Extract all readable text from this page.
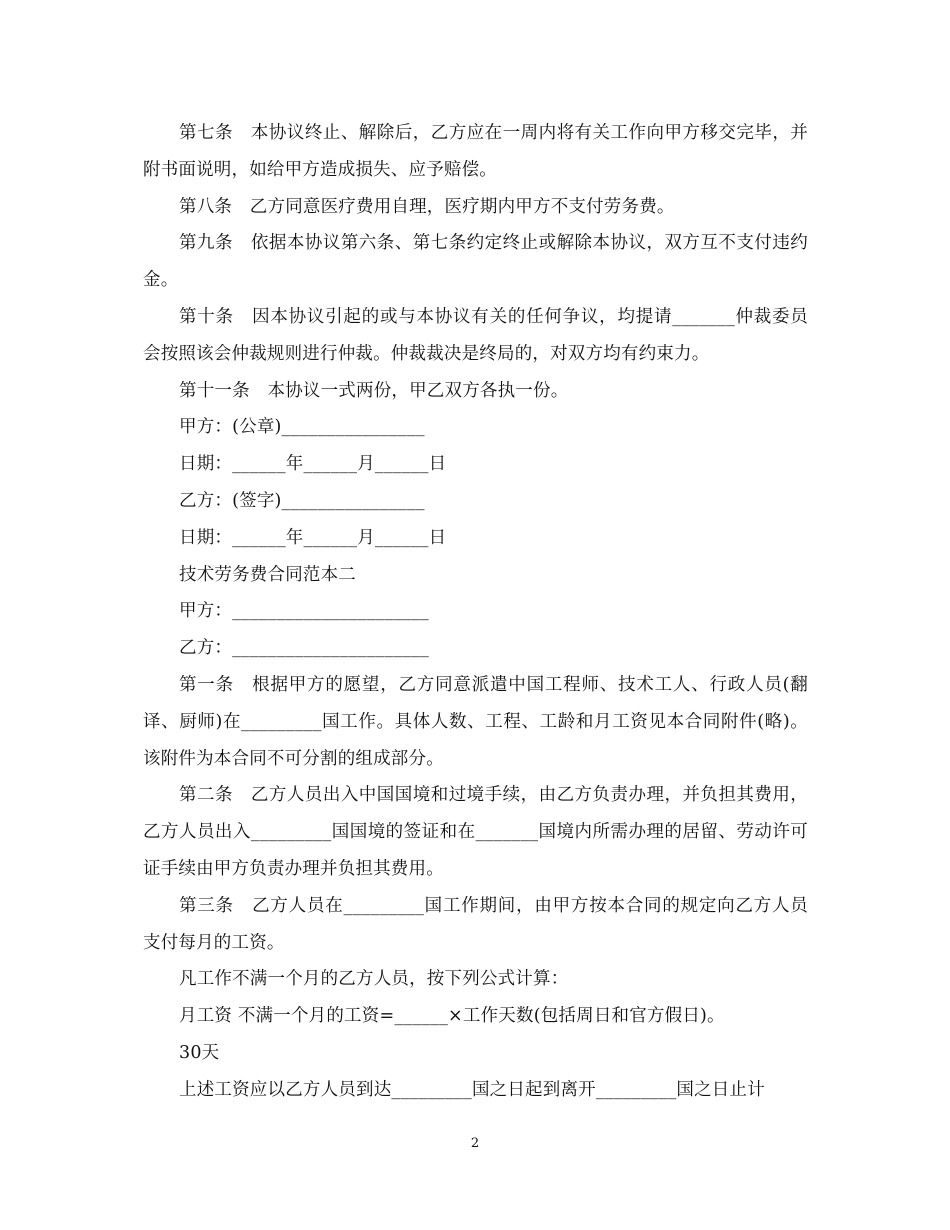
第七条　本协议终止、解除后，乙方应在一周内将有关工作向甲方移交完毕，并附书面说明，如给甲方造成损失、应予赔偿。

第八条　乙方同意医疗费用自理，医疗期内甲方不支付劳务费。

第九条　依据本协议第六条、第七条约定终止或解除本协议，双方互不支付违约金。

第十条　因本协议引起的或与本协议有关的任何争议，均提请_______仲裁委员会按照该会仲裁规则进行仲裁。仲裁裁决是终局的，对双方均有约束力。

第十一条　本协议一式两份，甲乙双方各执一份。

甲方：(公章)________________

日期：______年______月______日

乙方：(签字)________________

日期：______年______月______日

技术劳务费合同范本二

甲方：______________________

乙方：______________________

第一条　根据甲方的愿望，乙方同意派遣中国工程师、技术工人、行政人员(翻译、厨师)在_________国工作。具体人数、工程、工龄和月工资见本合同附件(略)。该附件为本合同不可分割的组成部分。

第二条　乙方人员出入中国国境和过境手续，由乙方负责办理，并负担其费用，乙方人员出入_________国国境的签证和在_______国境内所需办理的居留、劳动许可证手续由甲方负责办理并负担其费用。

第三条　乙方人员在_________国工作期间，由甲方按本合同的规定向乙方人员支付每月的工资。

凡工作不满一个月的乙方人员，按下列公式计算：

月工资 不满一个月的工资=______×工作天数(包括周日和官方假日)。

30天

上述工资应以乙方人员到达_________国之日起到离开_________国之日止计

2
